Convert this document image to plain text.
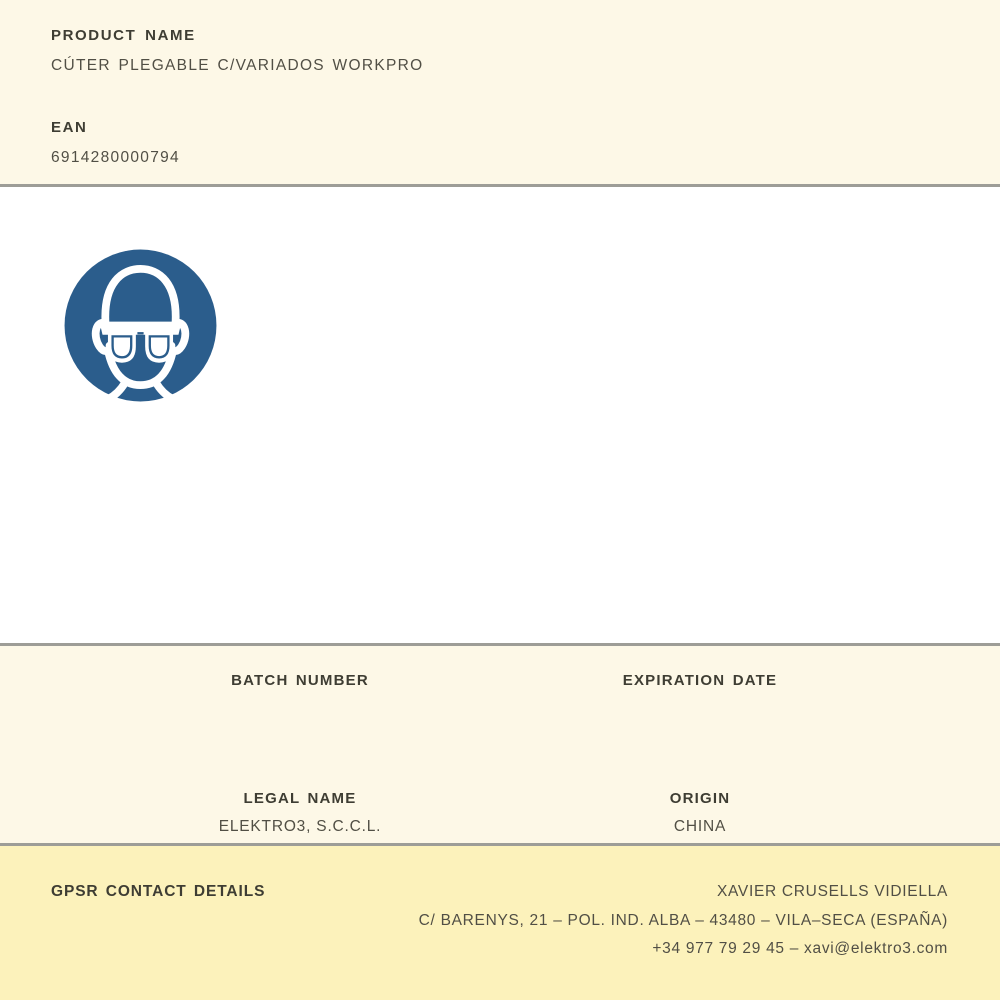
PRODUCT NAME
CÚTER PLEGABLE C/VARIADOS WORKPRO
EAN
6914280000794
BATCH NUMBER	EXPIRATION DATE
LEGAL NAME
ELEKTRO3, S.C.C.L.
ORIGIN
CHINA
GPSR CONTACT DETAILS	XAVIER CRUSELLS VIDIELLA
C/ BARENYS, 21 – POL. IND. ALBA – 43480 – VILA–SECA (ESPAÑA)
+34 977 79 29 45 – xavi@elektro3.com
